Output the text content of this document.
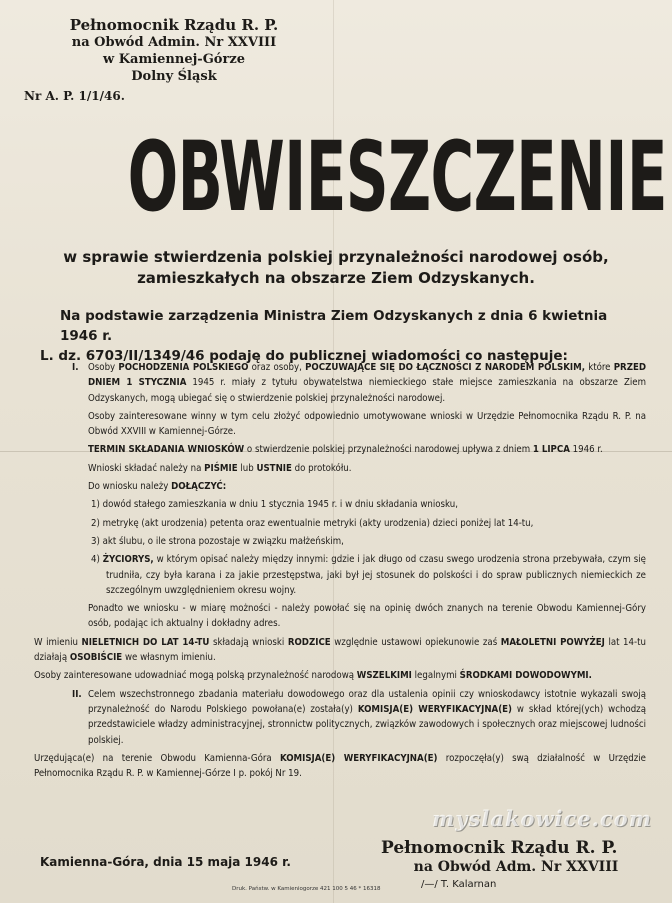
Pełnomocnik Rządu R. P.
na Obwód Admin. Nr XXVIII
w Kamiennej-Górze
Dolny Śląsk
Nr A. P. 1/1/46.
OBWIESZCZENIE
w sprawie stwierdzenia polskiej przynależności narodowej osób,
zamieszkałych na obszarze Ziem Odzyskanych.
Na podstawie zarządzenia Ministra Ziem Odzyskanych z dnia 6 kwietnia 1946 r.
L. dz. 6703/II/1349/46 podaję do publicznej wiadomości co następuje:

I. Osoby POCHODZENIA POLSKIEGO oraz osoby, POCZUWAJĄCE SIĘ DO ŁĄCZNOŚCI Z NARODEM POLSKIM, które PRZED DNIEM 1 STYCZNIA 1945 r. miały z tytułu obywatelstwa niemieckiego stałe miejsce zamieszkania na obszarze Ziem Odzyskanych, mogą ubiegać się o stwierdzenie polskiej przynależności narodowej.

Osoby zainteresowane winny w tym celu złożyć odpowiednio umotywowane wnioski w Urzędzie Pełnomocnika Rządu R. P. na Obwód XXVIII w Kamiennej-Górze.

TERMIN SKŁADANIA WNIOSKÓW o stwierdzenie polskiej przynależności narodowej upływa z dniem 1 LIPCA 1946 r.

Wnioski składać należy na PIŚMIE lub USTNIE do protokółu.

Do wniosku należy DOŁĄCZYĆ:

1) dowód stałego zamieszkania w dniu 1 stycznia 1945 r. i w dniu składania wniosku,

2) metrykę (akt urodzenia) petenta oraz ewentualnie metryki (akty urodzenia) dzieci poniżej lat 14-tu,

3) akt ślubu, o ile strona pozostaje w związku małżeńskim,

4) ŻYCIORYS, w którym opisać należy między innymi: gdzie i jak długo od czasu swego urodzenia strona przebywała, czym się trudniła, czy była karana i za jakie przestępstwa, jaki był jej stosunek do polskości i do spraw publicznych niemieckich ze szczególnym uwzględnieniem okresu wojny.

Ponadto we wniosku - w miarę możności - należy powołać się na opinię dwóch znanych na terenie Obwodu Kamiennej-Góry osób, podając ich aktualny i dokładny adres.

W imieniu NIELETNICH DO LAT 14-TU składają wnioski RODZICE względnie ustawowi opiekunowie zaś MAŁOLETNI POWYŻEJ lat 14-tu działają OSOBIŚCIE we własnym imieniu.

Osoby zainteresowane udowadniać mogą polską przynależność narodową WSZELKIMI legalnymi ŚRODKAMI DOWODOWYMI.

II. Celem wszechstronnego zbadania materiału dowodowego oraz dla ustalenia opinii czy wnioskodawcy istotnie wykazali swoją przynależność do Narodu Polskiego powołana(e) została(y) KOMISJA(E) WERYFIKACYJNA(E) w skład której(ych) wchodzą przedstawiciele władzy administracyjnej, stronnictw politycznych, związków zawodowych i społecznych oraz miejscowej ludności polskiej.

Urzędująca(e) na terenie Obwodu Kamienna-Góra KOMISJA(E) WERYFIKACYJNA(E) rozpoczęła(y) swą działalność w Urzędzie Pełnomocnika Rządu R. P. w Kamiennej-Górze I p. pokój Nr 19.

myslakowice.com
Kamienna-Góra, dnia 15 maja 1946 r.
Pełnomocnik Rządu R. P.
na Obwód Adm. Nr XXVIII
/—/ T. Kalarnan
Druk. Państw. w Kamieniogorze 421 100 5 46 * 16318
